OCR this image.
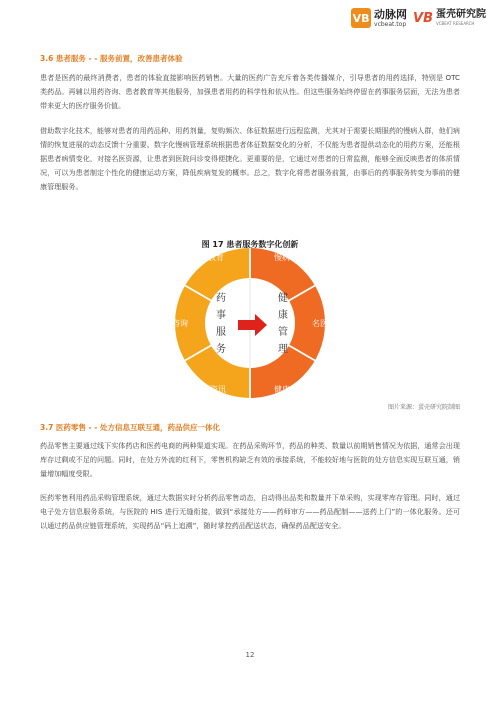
VB 动脉网
vcbeat.top VB 蛋壳研究院
VCBEAT RESEARCH
3.6 患者服务 - - 服务前置，改善患者体验

患者是医药的最终消费者，患者的体验直接影响医药销售。大量的医药广告充斥着各类传播媒介，引导患者的用药选择，特别是 OTC 类药品。再辅以用药咨询、患者教育等其他服务，加强患者用药的科学性和依从性。但这些服务始终停留在药事服务层面，无法为患者带来更大的医疗服务价值。

借助数字化技术，能够对患者的用药品种、用药剂量，复购频次、体征数据进行远程监测，尤其对于需要长期服药的慢病人群，他们病情的恢复进展的动态反馈十分重要。数字化慢病管理系统根据患者体征数据变化的分析，不仅能为患者提供动态化的用药方案，还能根据患者病情变化，对接名医资源，让患者到医院问诊变得便捷化。更重要的是，它通过对患者的日常监测，能够全面反映患者的体质情况，可以为患者制定个性化的健康运动方案，降低疾病复发的概率。总之，数字化将患者服务前置，由事后的药事服务转变为事前的健康管理服务。

图 17 患者服务数字化创新
患者教育
用药咨询
医药资讯
慢病管理
名医问诊
健康指导
药
事
服
务
健
康
管
理
图片来源：蛋壳研究院制图
3.7 医药零售 - - 处方信息互联互通，药品供应一体化

药品零售主要通过线下实体药店和医药电商的两种渠道实现。在药品采购环节，药品的种类、数量以前期销售情况为依据，通常会出现库存过剩或不足的问题。同时，在处方外流的红利下，零售机构缺乏有效的承接系统，不能较好地与医院的处方信息实现互联互通，销量增加幅度受限。

医药零售利用药品采购管理系统，通过大数据实时分析药品零售动态，自动得出品类和数量并下单采购，实现零库存管理。同时，通过电子处方信息服务系统，与医院的 HIS 进行无缝衔接，做到“承接处方——药师审方——药品配制——送药上门”的一体化服务。还可以通过药品供应链管理系统，实现药品“码上追溯”，随时掌控药品配送状态，确保药品配送安全。

12
